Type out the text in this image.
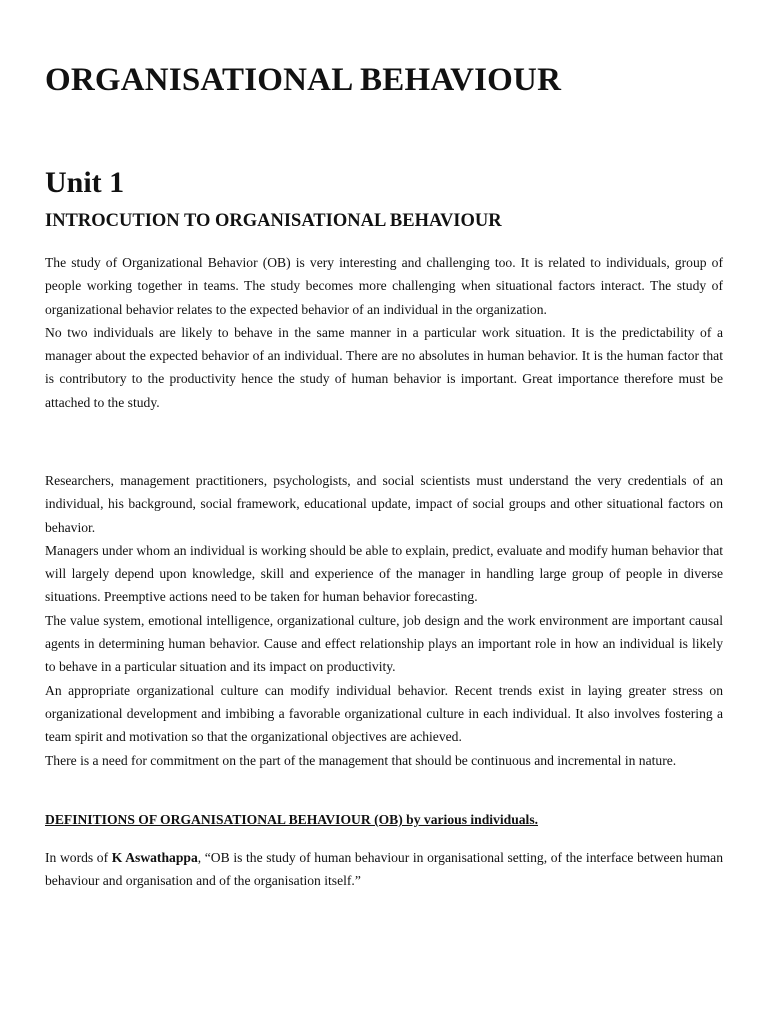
ORGANISATIONAL BEHAVIOUR
Unit 1
INTROCUTION TO ORGANISATIONAL BEHAVIOUR

The study of Organizational Behavior (OB) is very interesting and challenging too. It is related to individuals, group of people working together in teams. The study becomes more challenging when situational factors interact. The study of organizational behavior relates to the expected behavior of an individual in the organization.

No two individuals are likely to behave in the same manner in a particular work situation. It is the predictability of a manager about the expected behavior of an individual. There are no absolutes in human behavior. It is the human factor that is contributory to the productivity hence the study of human behavior is important. Great importance therefore must be attached to the study.

Researchers, management practitioners, psychologists, and social scientists must understand the very credentials of an individual, his background, social framework, educational update, impact of social groups and other situational factors on behavior.

Managers under whom an individual is working should be able to explain, predict, evaluate and modify human behavior that will largely depend upon knowledge, skill and experience of the manager in handling large group of people in diverse situations. Preemptive actions need to be taken for human behavior forecasting.

The value system, emotional intelligence, organizational culture, job design and the work environment are important causal agents in determining human behavior. Cause and effect relationship plays an important role in how an individual is likely to behave in a particular situation and its impact on productivity.

An appropriate organizational culture can modify individual behavior. Recent trends exist in laying greater stress on organizational development and imbibing a favorable organizational culture in each individual. It also involves fostering a team spirit and motivation so that the organizational objectives are achieved.

There is a need for commitment on the part of the management that should be continuous and incremental in nature.

DEFINITIONS OF ORGANISATIONAL BEHAVIOUR (OB) by various individuals.

In words of K Aswathappa, “OB is the study of human behaviour in organisational setting, of the interface between human behaviour and organisation and of the organisation itself.”
